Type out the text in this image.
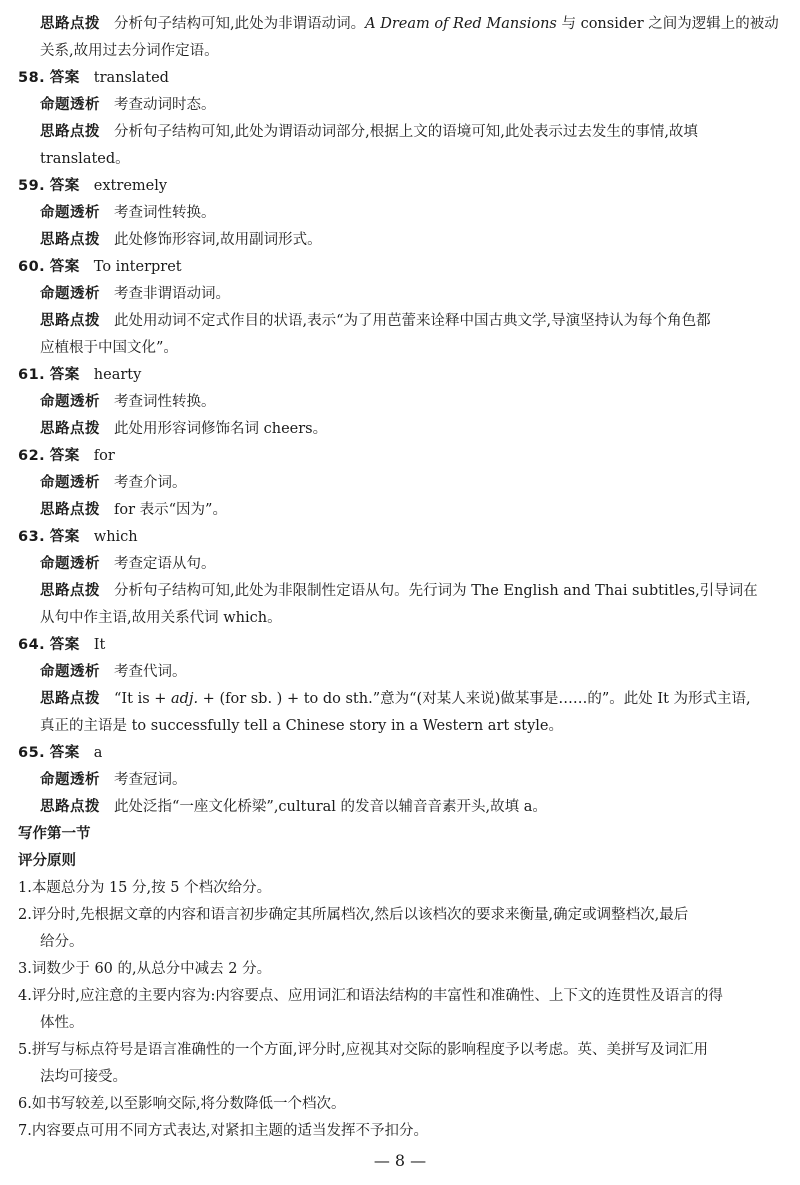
思路点拨 分析句子结构可知,此处为非谓语动词。A Dream of Red Mansions 与 consider 之间为逻辑上的被动
关系,故用过去分词作定语。
58. 答案 translated
命题透析 考查动词时态。
思路点拨 分析句子结构可知,此处为谓语动词部分,根据上文的语境可知,此处表示过去发生的事情,故填
translated。
59. 答案 extremely
命题透析 考查词性转换。
思路点拨 此处修饰形容词,故用副词形式。
60. 答案 To interpret
命题透析 考查非谓语动词。
思路点拨 此处用动词不定式作目的状语,表示“为了用芭蕾来诠释中国古典文学,导演坚持认为每个角色都
应植根于中国文化”。
61. 答案 hearty
命题透析 考查词性转换。
思路点拨 此处用形容词修饰名词 cheers。
62. 答案 for
命题透析 考查介词。
思路点拨 for 表示“因为”。
63. 答案 which
命题透析 考查定语从句。
思路点拨 分析句子结构可知,此处为非限制性定语从句。先行词为 The English and Thai subtitles,引导词在
从句中作主语,故用关系代词 which。
64. 答案 It
命题透析 考查代词。
思路点拨 “It is + adj. + (for sb. ) + to do sth.”意为“(对某人来说)做某事是……的”。此处 It 为形式主语,
真正的主语是 to successfully tell a Chinese story in a Western art style。
65. 答案 a
命题透析 考查冠词。
思路点拨 此处泛指“一座文化桥梁”,cultural 的发音以辅音音素开头,故填 a。
写作第一节
评分原则
1.本题总分为 15 分,按 5 个档次给分。
2.评分时,先根据文章的内容和语言初步确定其所属档次,然后以该档次的要求来衡量,确定或调整档次,最后
给分。
3.词数少于 60 的,从总分中减去 2 分。
4.评分时,应注意的主要内容为:内容要点、应用词汇和语法结构的丰富性和准确性、上下文的连贯性及语言的得
体性。
5.拼写与标点符号是语言准确性的一个方面,评分时,应视其对交际的影响程度予以考虑。英、美拼写及词汇用
法均可接受。
6.如书写较差,以至影响交际,将分数降低一个档次。
7.内容要点可用不同方式表达,对紧扣主题的适当发挥不予扣分。
— 8 —
